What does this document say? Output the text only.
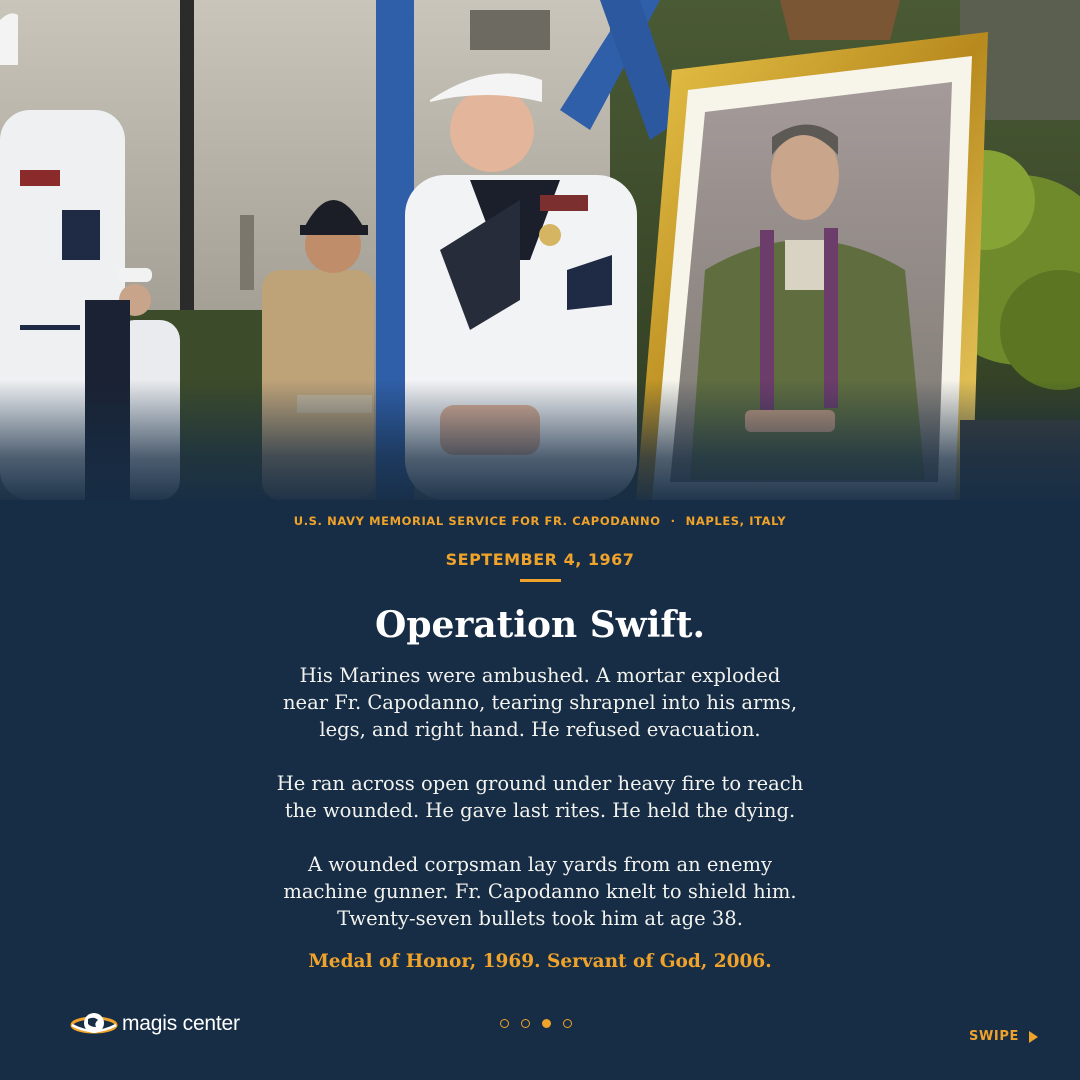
U.S. NAVY MEMORIAL SERVICE FOR FR. CAPODANNO · NAPLES, ITALY
SEPTEMBER 4, 1967
Operation Swift.

His Marines were ambushed. A mortar exploded
near Fr. Capodanno, tearing shrapnel into his arms,
legs, and right hand. He refused evacuation.

He ran across open ground under heavy fire to reach
the wounded. He gave last rites. He held the dying.

A wounded corpsman lay yards from an enemy
machine gunner. Fr. Capodanno knelt to shield him.
Twenty-seven bullets took him at age 38.

Medal of Honor, 1969. Servant of God, 2006.
magis center
SWIPE
